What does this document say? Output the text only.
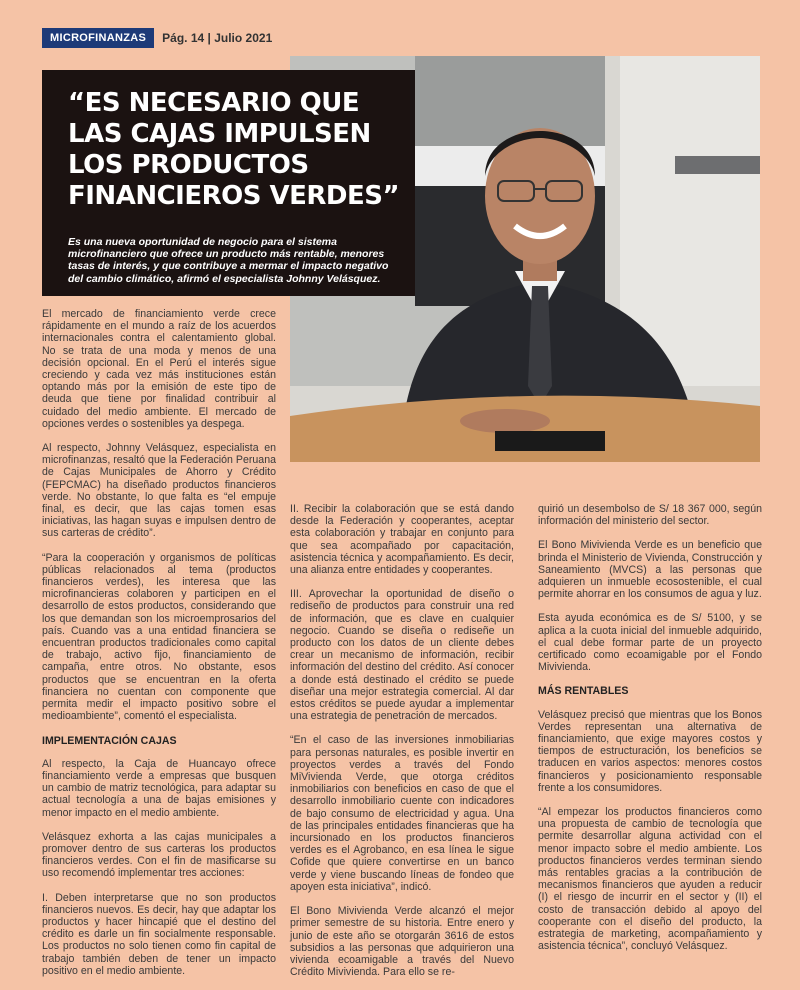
MICROFINANZAS	Pág. 14 | Julio 2021
“ES NECESARIO QUE
LAS CAJAS IMPULSEN
LOS PRODUCTOS
FINANCIEROS VERDES”

Es una nueva oportunidad de negocio para el sistema microfinanciero que ofrece un producto más rentable, menores tasas de interés, y que contribuye a mermar el impacto negativo del cambio climático, afirmó el especialista Johnny Velásquez.

El mercado de financiamiento verde crece rápidamente en el mundo a raíz de los acuerdos internacionales contra el calentamiento global. No se trata de una moda y menos de una decisión opcional. En el Perú el interés sigue creciendo y cada vez más instituciones están optando más por la emisión de este tipo de deuda que tiene por finalidad contribuir al cuidado del medio ambiente. El mercado de opciones verdes o sostenibles ya despega.

Al respecto, Johnny Velásquez, especialista en microfinanzas, resaltó que la Federación Peruana de Cajas Municipales de Ahorro y Crédito (FEPCMAC) ha diseñado productos financieros verde. No obstante, lo que falta es “el empuje final, es decir, que las cajas tomen esas iniciativas, las hagan suyas e impulsen dentro de sus carteras de crédito”.

“Para la cooperación y organismos de políticas públicas relacionados al tema (productos financieros verdes), les interesa que las microfinancieras colaboren y participen en el desarrollo de estos productos, considerando que los que demandan son los microemprosarios del país. Cuando vas a una entidad financiera se encuentran productos tradicionales como capital de trabajo, activo fijo, financiamiento de campaña, entre otros. No obstante, esos productos que se encuentran en la oferta financiera no cuentan con componente que permita medir el impacto positivo sobre el medioambiente”, comentó el especialista.

IMPLEMENTACIÓN CAJAS

Al respecto, la Caja de Huancayo ofrece financiamiento verde a empresas que busquen un cambio de matriz tecnológica, para adaptar su actual tecnología a una de bajas emisiones y menor impacto en el medio ambiente.

Velásquez exhorta a las cajas municipales a promover dentro de sus carteras los productos financieros verdes. Con el fin de masificarse su uso recomendó implementar tres acciones:

I. Deben interpretarse que no son productos financieros nuevos. Es decir, hay que adaptar los productos y hacer hincapié que el destino del crédito es darle un fin socialmente responsable. Los productos no solo tienen como fin capital de trabajo también deben de tener un impacto positivo en el medio ambiente.

II. Recibir la colaboración que se está dando desde la Federación y cooperantes, aceptar esta colaboración y trabajar en conjunto para que sea acompañado por capacitación, asistencia técnica y acompañamiento. Es decir, una alianza entre entidades y cooperantes.

III. Aprovechar la oportunidad de diseño o rediseño de productos para construir una red de información, que es clave en cualquier negocio. Cuando se diseña o rediseñe un producto con los datos de un cliente debes crear un mecanismo de información, recibir información del destino del crédito. Así conocer a donde está destinado el crédito se puede diseñar una mejor estrategia comercial. Al dar estos créditos se puede ayudar a implementar una estrategia de penetración de mercados.

“En el caso de las inversiones inmobiliarias para personas naturales, es posible invertir en proyectos verdes a través del Fondo MiVivienda Verde, que otorga créditos inmobiliarios con beneficios en caso de que el desarrollo inmobiliario cuente con indicadores de bajo consumo de electricidad y agua. Una de las principales entidades financieras que ha incursionado en los productos financieros verdes es el Agrobanco, en esa línea le sigue Cofide que quiere convertirse en un banco verde y viene buscando líneas de fondeo que apoyen esta iniciativa”, indicó.

El Bono Mivivienda Verde alcanzó el mejor primer semestre de su historia. Entre enero y junio de este año se otorgarán 3616 de estos subsidios a las personas que adquirieron una vivienda ecoamigable a través del Nuevo Crédito Mivivienda. Para ello se re-

quirió un desembolso de S/ 18 367 000, según información del ministerio del sector.

El Bono Mivivienda Verde es un beneficio que brinda el Ministerio de Vivienda, Construcción y Saneamiento (MVCS) a las personas que adquieren un inmueble ecosostenible, el cual permite ahorrar en los consumos de agua y luz.

Esta ayuda económica es de S/ 5100, y se aplica a la cuota inicial del inmueble adquirido, el cual debe formar parte de un proyecto certificado como ecoamigable por el Fondo Mivivienda.

MÁS RENTABLES

Velásquez precisó que mientras que los Bonos Verdes representan una alternativa de financiamiento, que exige mayores costos y tiempos de estructuración, los beneficios se traducen en varios aspectos: menores costos financieros y posicionamiento responsable frente a los consumidores.

“Al empezar los productos financieros como una propuesta de cambio de tecnología que permite desarrollar alguna actividad con el menor impacto sobre el medio ambiente. Los productos financieros verdes terminan siendo más rentables gracias a la contribución de mecanismos financieros que ayuden a reducir (I) el riesgo de incurrir en el sector y (II) el costo de transacción debido al apoyo del cooperante con el diseño del producto, la estrategia de marketing, acompañamiento y asistencia técnica”, concluyó Velásquez.
